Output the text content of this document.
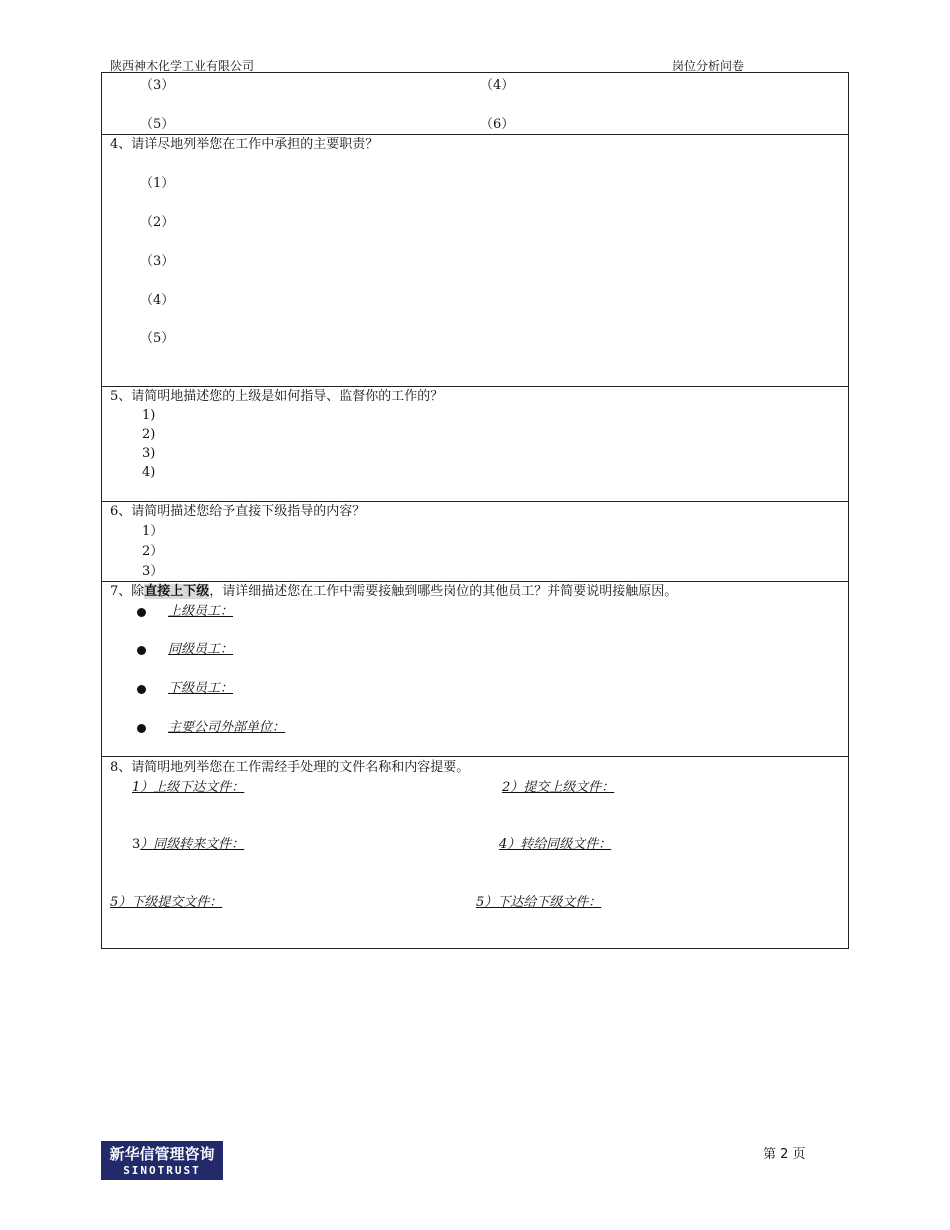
陕西神木化学工业有限公司	岗位分析问卷
（3）	（4）
（5）	（6）
4、请详尽地列举您在工作中承担的主要职责？
（1）
（2）
（3）
（4）
（5）
5、请简明地描述您的上级是如何指导、监督你的工作的？
1)
2)
3)
4)
6、请简明描述您给予直接下级指导的内容？
1）
2）
3）
7、除直接上下级，请详细描述您在工作中需要接触到哪些岗位的其他员工？并简要说明接触原因。
上级员工：
同级员工：
下级员工：
主要公司外部单位：
8、请简明地列举您在工作需经手处理的文件名称和内容提要。
1）上级下达文件：	2）提交上级文件：
3）同级转来文件：	4）转给同级文件：
5）下级提交文件：	5）下达给下级文件：
新华信管理咨询
SINOTRUST
第 2 页
